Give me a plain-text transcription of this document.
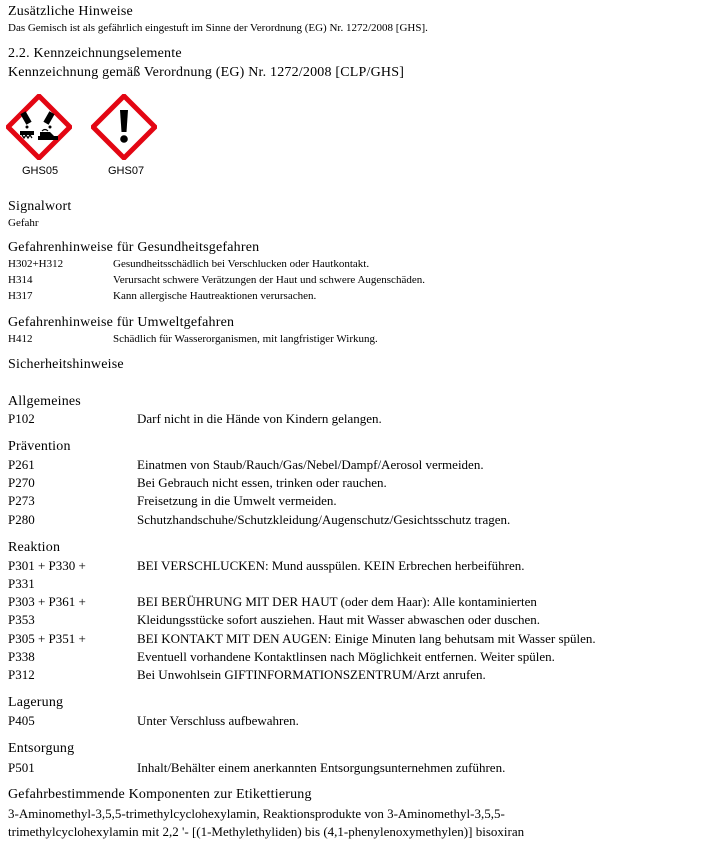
Zusätzliche Hinweise
Das Gemisch ist als gefährlich eingestuft im Sinne der Verordnung (EG) Nr. 1272/2008 [GHS].
2.2. Kennzeichnungselemente
Kennzeichnung gemäß Verordnung (EG) Nr. 1272/2008 [CLP/GHS]
GHS05	GHS07
Signalwort
Gefahr
Gefahrenhinweise für Gesundheitsgefahren
H302+H312	Gesundheitsschädlich bei Verschlucken oder Hautkontakt.
H314	Verursacht schwere Verätzungen der Haut und schwere Augenschäden.
H317	Kann allergische Hautreaktionen verursachen.
Gefahrenhinweise für Umweltgefahren
H412	Schädlich für Wasserorganismen, mit langfristiger Wirkung.
Sicherheitshinweise
Allgemeines
P102	Darf nicht in die Hände von Kindern gelangen.
Prävention
P261	Einatmen von Staub/Rauch/Gas/Nebel/Dampf/Aerosol vermeiden.
P270	Bei Gebrauch nicht essen, trinken oder rauchen.
P273	Freisetzung in die Umwelt vermeiden.
P280	Schutzhandschuhe/Schutzkleidung/Augenschutz/Gesichtsschutz tragen.
Reaktion
P301 + P330 +	BEI VERSCHLUCKEN: Mund ausspülen. KEIN Erbrechen herbeiführen.
P331
P303 + P361 +	BEI BERÜHRUNG MIT DER HAUT (oder dem Haar): Alle kontaminierten
P353	Kleidungsstücke sofort ausziehen. Haut mit Wasser abwaschen oder duschen.
P305 + P351 +	BEI KONTAKT MIT DEN AUGEN: Einige Minuten lang behutsam mit Wasser spülen.
P338	Eventuell vorhandene Kontaktlinsen nach Möglichkeit entfernen. Weiter spülen.
P312	Bei Unwohlsein GIFTINFORMATIONSZENTRUM/Arzt anrufen.
Lagerung
P405	Unter Verschluss aufbewahren.
Entsorgung
P501	Inhalt/Behälter einem anerkannten Entsorgungsunternehmen zuführen.
Gefahrbestimmende Komponenten zur Etikettierung
3-Aminomethyl-3,5,5-trimethylcyclohexylamin, Reaktionsprodukte von 3-Aminomethyl-3,5,5-
trimethylcyclohexylamin mit 2,2 '- [(1-Methylethyliden) bis (4,1-phenylenoxymethylen)] bisoxiran
